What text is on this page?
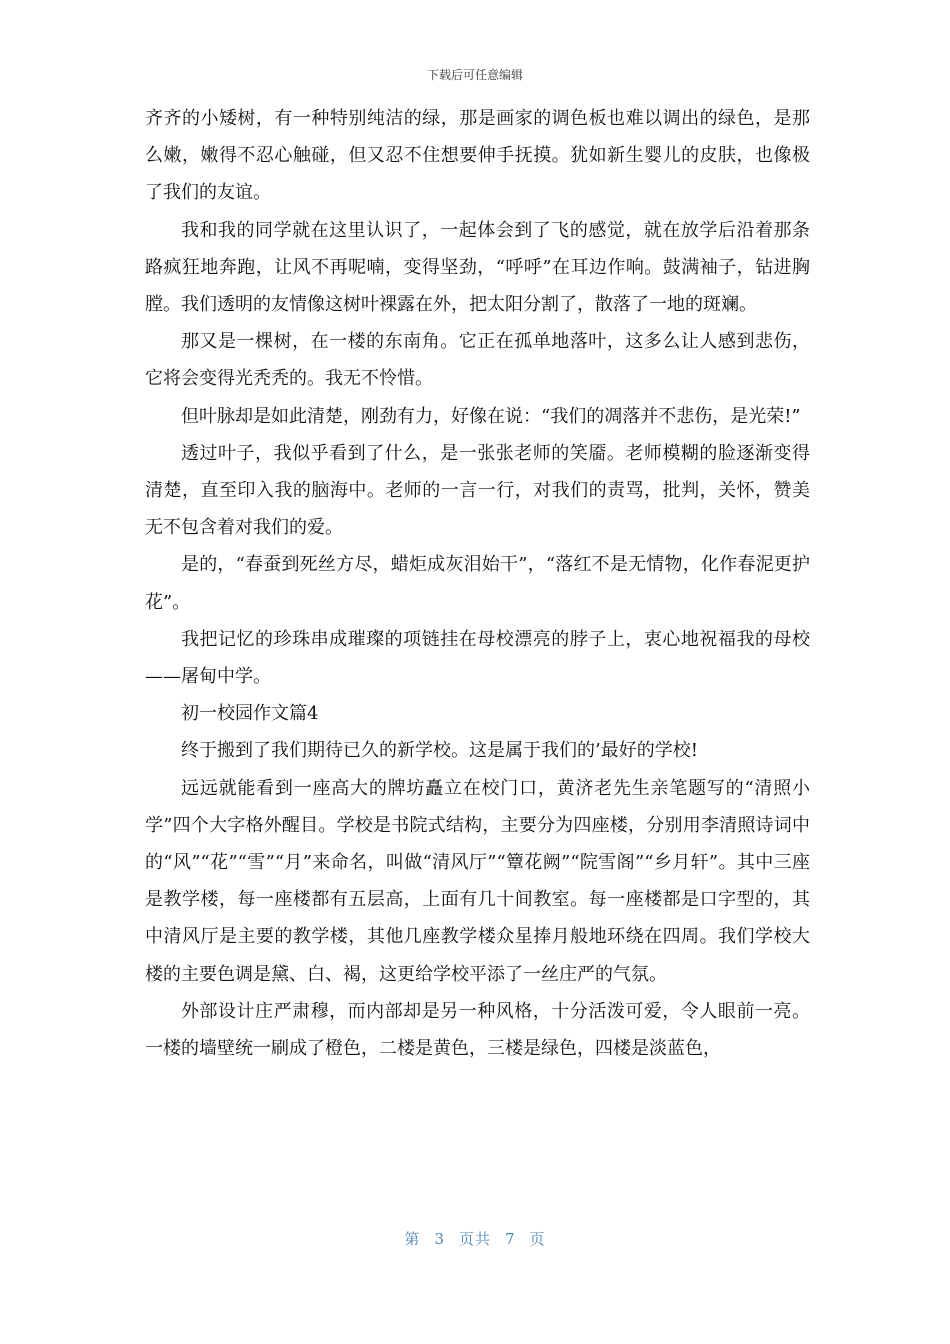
下载后可任意编辑

齐齐的小矮树，有一种特别纯洁的绿，那是画家的调色板也难以调出的绿色，是那么嫩，嫩得不忍心触碰，但又忍不住想要伸手抚摸。犹如新生婴儿的皮肤，也像极了我们的友谊。

我和我的同学就在这里认识了，一起体会到了飞的感觉，就在放学后沿着那条路疯狂地奔跑，让风不再呢喃，变得坚劲，“呼呼”在耳边作响。鼓满袖子，钻进胸膛。我们透明的友情像这树叶裸露在外，把太阳分割了，散落了一地的斑斓。

那又是一棵树，在一楼的东南角。它正在孤单地落叶，这多么让人感到悲伤，它将会变得光秃秃的。我无不怜惜。

但叶脉却是如此清楚，刚劲有力，好像在说：“我们的凋落并不悲伤，是光荣!”

透过叶子，我似乎看到了什么，是一张张老师的笑靥。老师模糊的脸逐渐变得清楚，直至印入我的脑海中。老师的一言一行，对我们的责骂，批判，关怀，赞美无不包含着对我们的爱。

是的，“春蚕到死丝方尽，蜡炬成灰泪始干”，“落红不是无情物，化作春泥更护花”。

我把记忆的珍珠串成璀璨的项链挂在母校漂亮的脖子上，衷心地祝福我的母校——屠甸中学。

初一校园作文篇4

终于搬到了我们期待已久的新学校。这是属于我们的’最好的学校!

远远就能看到一座高大的牌坊矗立在校门口，黄济老先生亲笔题写的“清照小学”四个大字格外醒目。学校是书院式结构，主要分为四座楼，分别用李清照诗词中的“风”“花”“雪”“月”来命名，叫做“清风厅”“簟花阙”“院雪阁”“乡月轩”。其中三座是教学楼，每一座楼都有五层高，上面有几十间教室。每一座楼都是口字型的，其中清风厅是主要的教学楼，其他几座教学楼众星捧月般地环绕在四周。我们学校大楼的主要色调是黛、白、褐，这更给学校平添了一丝庄严的气氛。

外部设计庄严肃穆，而内部却是另一种风格，十分活泼可爱，令人眼前一亮。一楼的墙壁统一刷成了橙色，二楼是黄色，三楼是绿色，四楼是淡蓝色，

第 3 页共 7 页
